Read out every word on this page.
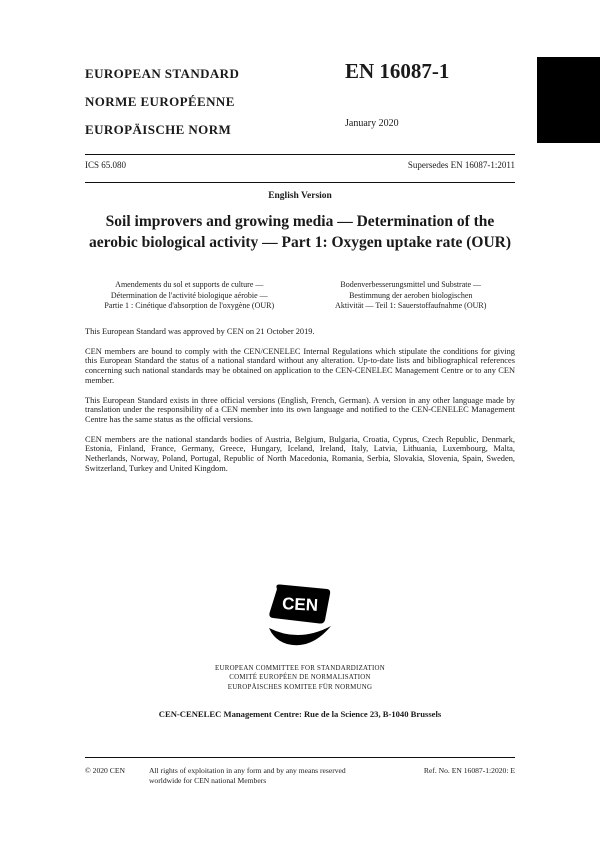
EUROPEAN STANDARD
NORME EUROPÉENNE
EUROPÄISCHE NORM
EN 16087-1
January 2020
ICS 65.080	Supersedes EN 16087-1:2011
English Version
Soil improvers and growing media — Determination of the aerobic biological activity — Part 1: Oxygen uptake rate (OUR)
Amendements du sol et supports de culture —
Détermination de l'activité biologique aérobie —
Partie 1 : Cinétique d'absorption de l'oxygène (OUR)
Bodenverbesserungsmittel und Substrate —
Bestimmung der aeroben biologischen
Aktivität — Teil 1: Sauerstoffaufnahme (OUR)

This European Standard was approved by CEN on 21 October 2019.

CEN members are bound to comply with the CEN/CENELEC Internal Regulations which stipulate the conditions for giving this European Standard the status of a national standard without any alteration. Up-to-date lists and bibliographical references concerning such national standards may be obtained on application to the CEN-CENELEC Management Centre or to any CEN member.

This European Standard exists in three official versions (English, French, German). A version in any other language made by translation under the responsibility of a CEN member into its own language and notified to the CEN-CENELEC Management Centre has the same status as the official versions.

CEN members are the national standards bodies of Austria, Belgium, Bulgaria, Croatia, Cyprus, Czech Republic, Denmark, Estonia, Finland, France, Germany, Greece, Hungary, Iceland, Ireland, Italy, Latvia, Lithuania, Luxembourg, Malta, Netherlands, Norway, Poland, Portugal, Republic of North Macedonia, Romania, Serbia, Slovakia, Slovenia, Spain, Sweden, Switzerland, Turkey and United Kingdom.

CEN
EUROPEAN COMMITTEE FOR STANDARDIZATION
COMITÉ EUROPÉEN DE NORMALISATION
EUROPÄISCHES KOMITEE FÜR NORMUNG
CEN-CENELEC Management Centre: Rue de la Science 23, B-1040 Brussels
© 2020 CEN	All rights of exploitation in any form and by any means reserved
worldwide for CEN national Members
Ref. No. EN 16087-1:2020: E
